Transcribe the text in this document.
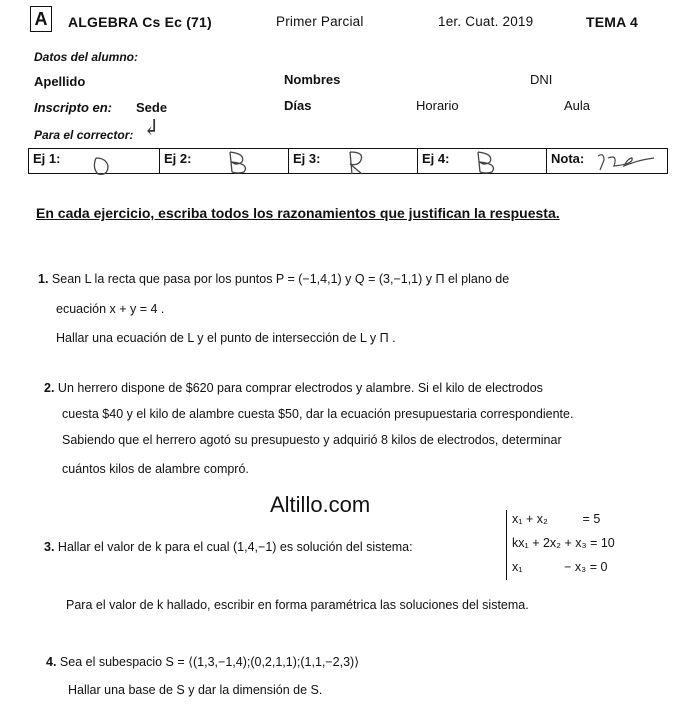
A	ALGEBRA Cs Ec (71)	Primer Parcial	1er. Cuat. 2019	TEMA 4
Datos del alumno:
Apellido	Nombres	DNI
Inscripto en: Sede	Días	Horario	Aula
Para el corrector: ↲
Ej 1:	Ej 2:	Ej 3:	Ej 4:	Nota:
En cada ejercicio, escriba todos los razonamientos que justifican la respuesta.
1. Sean L la recta que pasa por los puntos P = (−1,4,1) y Q = (3,−1,1) y Π el plano de
ecuación x + y = 4 .
Hallar una ecuación de L y el punto de intersección de L y Π .
2. Un herrero dispone de $620 para comprar electrodos y alambre. Si el kilo de electrodos
cuesta $40 y el kilo de alambre cuesta $50, dar la ecuación presupuestaria correspondiente.
Sabiendo que el herrero agotó su presupuesto y adquirió 8 kilos de electrodos, determinar
cuántos kilos de alambre compró.
Altillo.com
3. Hallar el valor de k para el cual (1,4,−1) es solución del sistema:
x₁ + x₂          = 5
kx₁ + 2x₂ + x₃ = 10
x₁            − x₃ = 0
Para el valor de k hallado, escribir en forma paramétrica las soluciones del sistema.
4. Sea el subespacio S = ⟨(1,3,−1,4);(0,2,1,1);(1,1,−2,3)⟩
Hallar una base de S y dar la dimensión de S.
